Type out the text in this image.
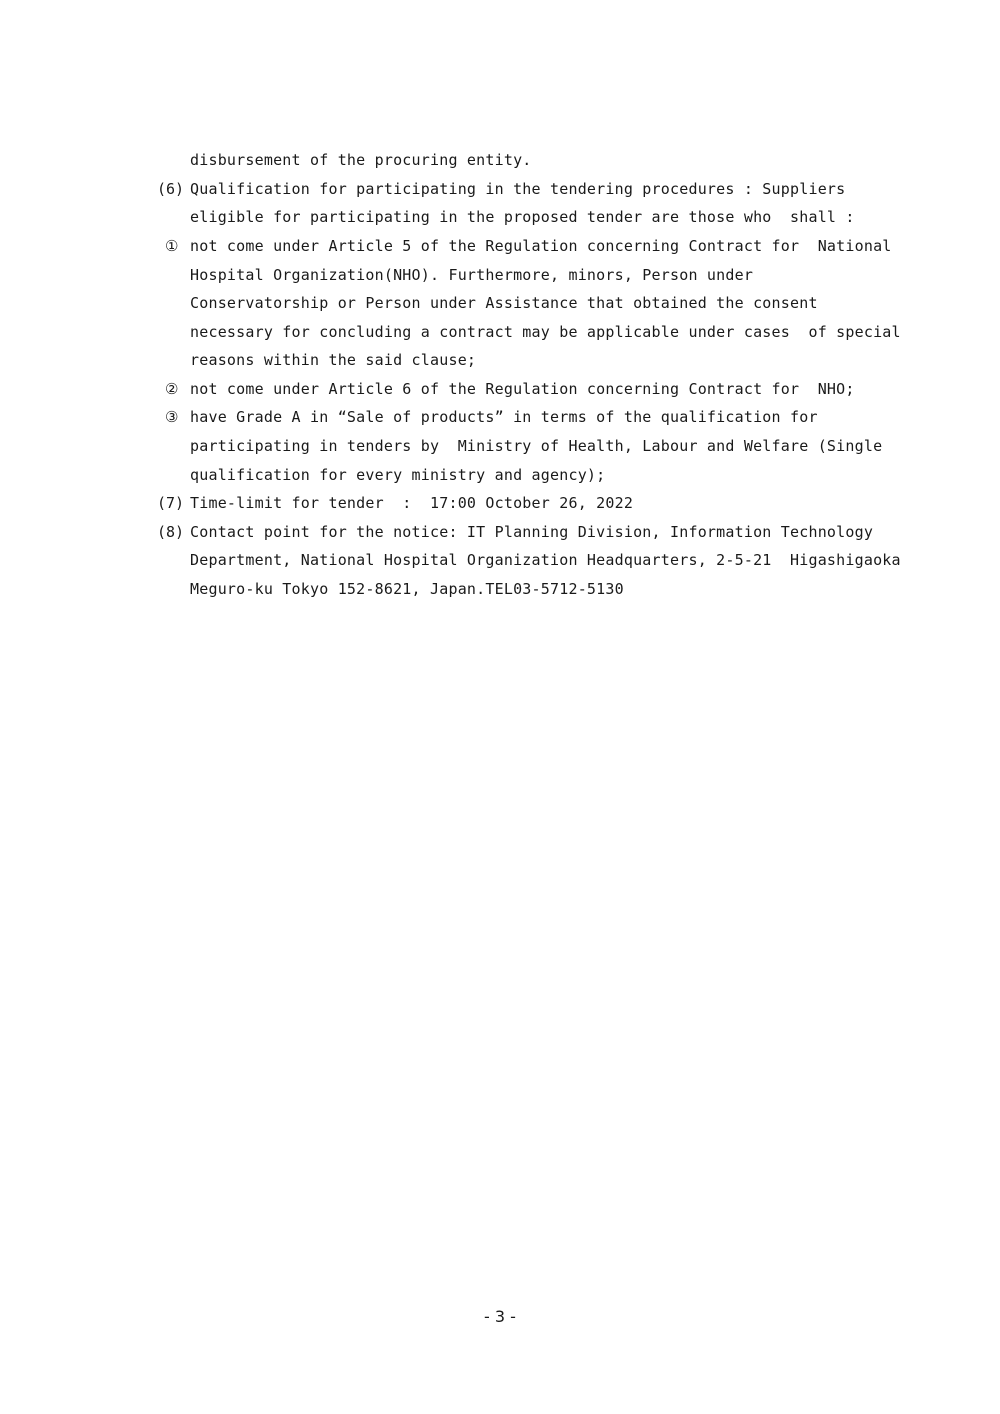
disbursement of the procuring entity.
(6) Qualification for participating in the tendering procedures : Suppliers
eligible for participating in the proposed tender are those who  shall :
① not come under Article 5 of the Regulation concerning Contract for  National
Hospital Organization(NHO). Furthermore, minors, Person under
Conservatorship or Person under Assistance that obtained the consent
necessary for concluding a contract may be applicable under cases  of special
reasons within the said clause;
② not come under Article 6 of the Regulation concerning Contract for  NHO;
③ have Grade A in “Sale of products” in terms of the qualification for
participating in tenders by  Ministry of Health, Labour and Welfare (Single
qualification for every ministry and agency);
(7) Time-limit for tender  :  17:00 October 26, 2022
(8) Contact point for the notice: IT Planning Division, Information Technology
Department, National Hospital Organization Headquarters, 2-5-21  Higashigaoka
Meguro-ku Tokyo 152-8621, Japan.TEL03-5712-5130
- 3 -
